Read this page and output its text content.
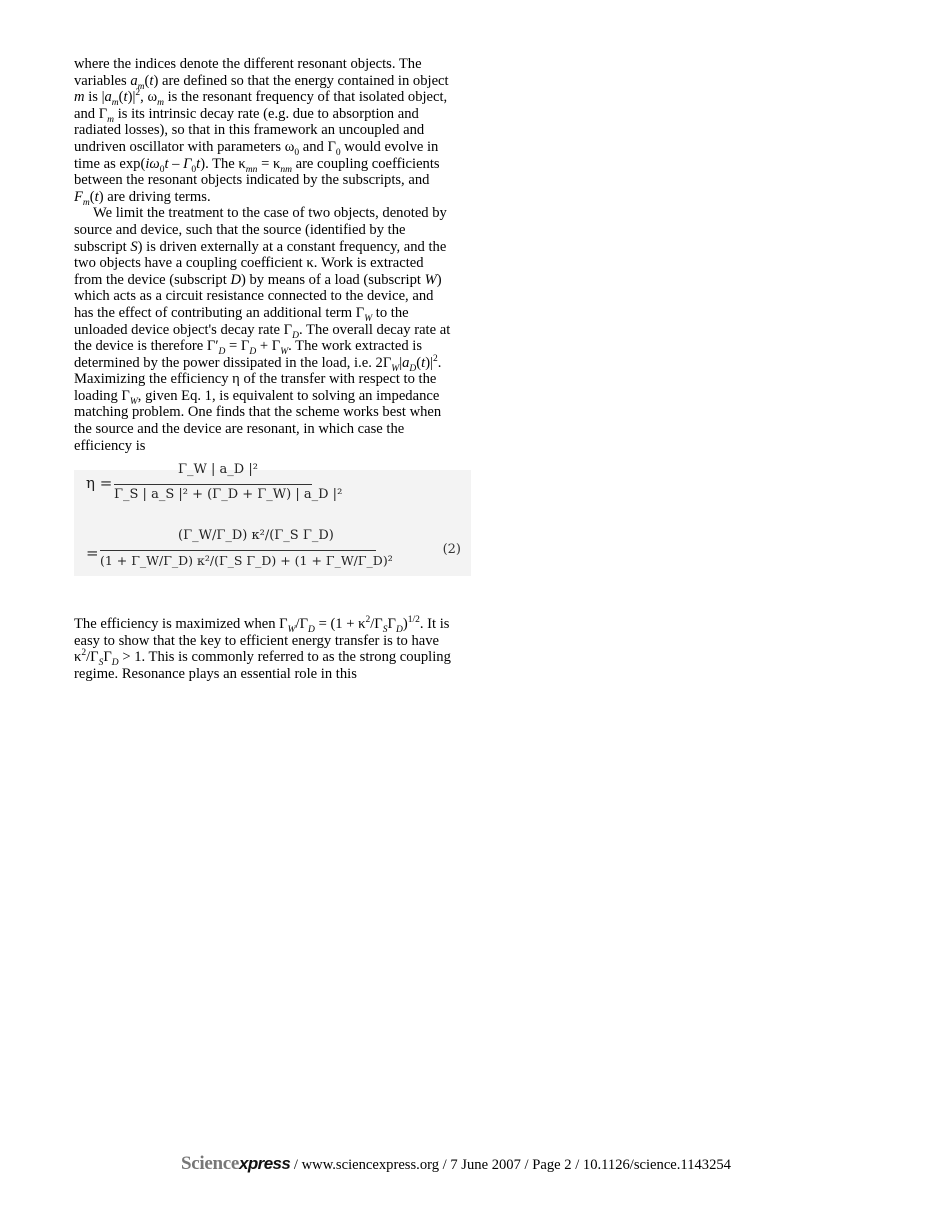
where the indices denote the different resonant objects. The variables $a_m(t)$ are defined so that the energy contained in object m is $|a_m(t)|^2$, $\omega_m$ is the resonant frequency of that isolated object, and $\Gamma_m$ is its intrinsic decay rate (e.g. due to absorption and radiated losses), so that in this framework an uncoupled and undriven oscillator with parameters $\omega_0$ and $\Gamma_0$ would evolve in time as $\exp(i\omega_0t - \Gamma_0t)$. The $\kappa_{mn} = \kappa_{nm}$ are coupling coefficients between the resonant objects indicated by the subscripts, and $F_m(t)$ are driving terms.

We limit the treatment to the case of two objects, denoted by source and device, such that the source (identified by the subscript S) is driven externally at a constant frequency, and the two objects have a coupling coefficient κ. Work is extracted from the device (subscript D) by means of a load (subscript W) which acts as a circuit resistance connected to the device, and has the effect of contributing an additional term $\Gamma_W$ to the unloaded device object's decay rate $\Gamma_D$. The overall decay rate at the device is therefore $\Gamma'_D = \Gamma_D + \Gamma_W$. The work extracted is determined by the power dissipated in the load, i.e. $2\Gamma_W|a_D(t)|^2$. Maximizing the efficiency η of the transfer with respect to the loading $\Gamma_W$, given Eq. 1, is equivalent to solving an impedance matching problem. One finds that the scheme works best when the source and the device are resonant, in which case the efficiency is

η =
Γ_W | a_D |²
Γ_S | a_S |² + (Γ_D + Γ_W) | a_D |²
=
(Γ_W/Γ_D) κ²/(Γ_S Γ_D)
(1 + Γ_W/Γ_D) κ²/(Γ_S Γ_D) + (1 + Γ_W/Γ_D)²
(2)

The efficiency is maximized when $\Gamma_W/\Gamma_D = (1 + \kappa^2/\Gamma_S\Gamma_D)^{1/2}$. It is easy to show that the key to efficient energy transfer is to have $\kappa^2/\Gamma_S\Gamma_D > 1$. This is commonly referred to as the strong coupling regime. Resonance plays an essential role in this

Sciencexpress / www.sciencexpress.org / 7 June 2007 / Page 2 / 10.1126/science.1143254
